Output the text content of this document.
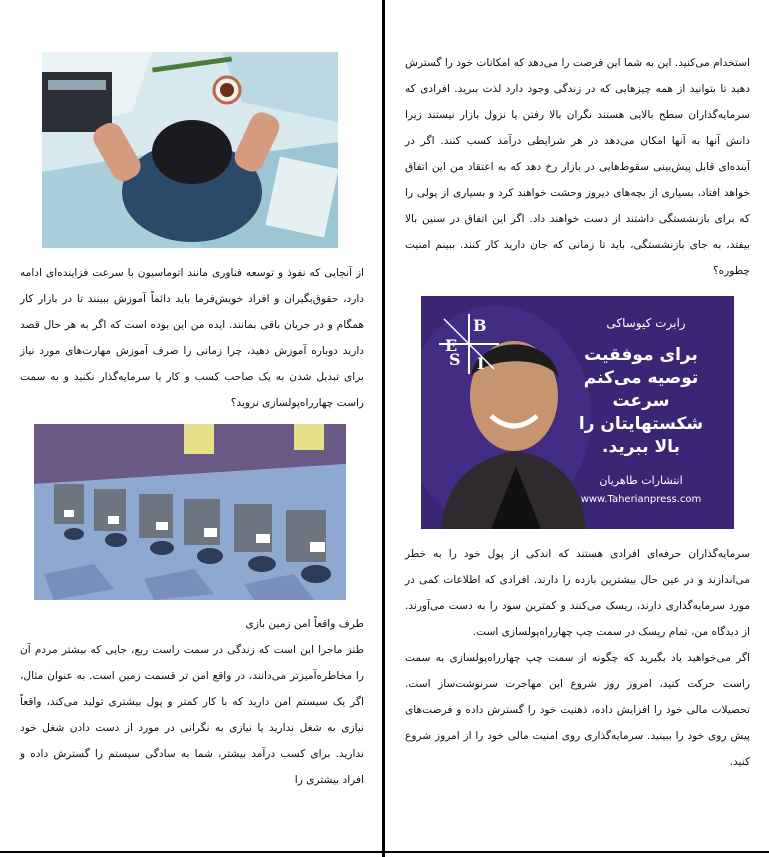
از آنجایی که نفوذ و توسعه فناوری مانند اتوماسیون با سرعت فزاینده‌ای ادامه دارد، حقوق‌بگیران و افراد خویش‌فرما باید دائماً آموزش ببینند تا در بازار کار همگام و در جریان باقی بمانند. ایده من این بوده است که اگر به هر حال قصد دارید دوباره آموزش دهید، چرا زمانی را صرف آموزش مهارت‌های مورد نیاز برای تبدیل شدن به یک صاحب کسب و کار یا سرمایه‌گذار نکنید و به سمت راست چهارراه‌پولسازی نروید؟

طرف واقعاً امن زمین بازی

طنز ماجرا این است که زندگی در سمت راست ربع، جایی که بیشتر مردم آن را مخاطره‌آمیزتر می‌دانند، در واقع امن تر قسمت زمین است. به عنوان مثال، اگر یک سیستم امن دارید که با کار کمتر و پول بیشتری تولید می‌کند، واقعاً نیازی به شغل ندارید یا نیازی به نگرانی در مورد از دست دادن شغل خود ندارید. برای کسب درآمد بیشتر، شما به سادگی سیستم را گسترش داده و افراد بیشتری را

استخدام می‌کنید. این به شما این فرصت را می‌دهد که امکانات خود را گسترش دهید تا بتوانید از همه چیزهایی که در زندگی وجود دارد لذت ببرید. افرادی که سرمایه‌گذاران سطح بالایی هستند نگران بالا رفتن یا نزول بازار نیستند زیرا دانش آنها به آنها امکان می‌دهد در هر شرایطی درآمد کسب کنند. اگر در آینده‌ای قابل پیش‌بینی سقوط‌هایی در بازار رخ دهد که به اعتقاد من این اتفاق خواهد افتاد، بسیاری از بچه‌های دیروز وحشت خواهند کرد و بسیاری از پولی را که برای بازنشستگی داشتند از دست خواهند داد. اگر این اتفاق در سنین بالا بیفتد، به جای بازنشستگی، باید تا زمانی که جان دارید کار کنند. ببینم امنیت چطوره؟

E
B
S I
رابرت کیوساکی
برای موفقیت توصیه می‌کنم سرعت شکستهایتان را بالا ببرید.
انتشارات طاهریان
www.Taherianpress.com

سرمایه‌گذاران حرفه‌ای افرادی هستند که اندکی از پول خود را به خطر می‌اندازند و در عین حال بیشترین بازده را دارند. افرادی که اطلاعات کمی در مورد سرمایه‌گذاری دارند، ریسک می‌کنند و کمترین سود را به دست می‌آورند. از دیدگاه من، تمام ریسک در سمت چپ چهارراه‌پولسازی است.

اگر می‌خواهید یاد بگیرید که چگونه از سمت چپ چهارراه‌پولسازی به سمت راست حرکت کنید، امروز روز شروع این مهاجرت سرنوشت‌ساز است. تحصیلات مالی خود را افزایش داده، ذهنیت خود را گسترش داده و فرصت‌های پیش روی خود را ببینید. سرمایه‌گذاری روی امنیت مالی خود را از امروز شروع کنید.
